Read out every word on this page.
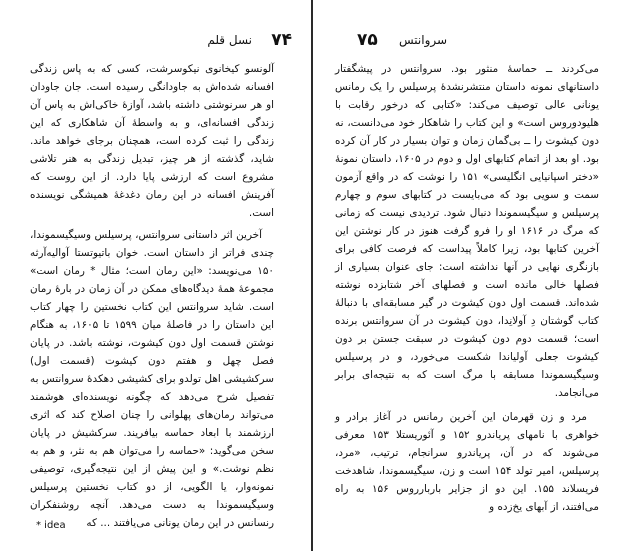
نسل قلم ۷۴

آلونسو کیخانوی نیکوسرشت، کسی که به پاس زندگی افسانه شده‌اش به جاودانگی رسیده است. جان جاودان او هر سرنوشتی داشته باشد، آوازهٔ خاکی‌اش به پاس آن زندگی افسانه‌ای، و به واسطهٔ آن شاهکاری که این زندگی را ثبت کرده است، همچنان برجای خواهد ماند. شاید، گذشته از هر چیز، تبدیل زندگی به هنر تلاشی مشروع است که ارزشی پایا دارد. از این روست که آفرینش افسانه در این رمان دغدغهٔ همیشگی نویسنده است.

آخرین اثر داستانی سروانتس، پرسیلس وسیگیسموندا، چندی فراتر از داستان است. خوان باتیوتستا آوالیه‌آرثه ۱۵۰ می‌نویسد: «این رمان است؛ مثال * رمان است» مجموعهٔ همهٔ دیدگاه‌های ممکن در آن زمان در بارهٔ رمان است. شاید سروانتس این کتاب نخستین را چهار کتاب این داستان را در فاصلهٔ میان ۱۵۹۹ تا ۱۶۰۵، به هنگام نوشتن قسمت اول دون کیشوت، نوشته باشد. در پایان فصل چهل و هفتم دون کیشوت (قسمت اول) سرکشیشی اهل تولدو برای کشیشی دهکدهٔ سروانتس به تفصیل شرح می‌دهد که چگونه نویسنده‌ای هوشمند می‌تواند رمان‌های پهلوانی را چنان اصلاح کند که اثری ارزشمند با ابعاد حماسه بیافریند. سرکشیش در پایان سخن می‌گوید: «حماسه را می‌توان هم به نثر، و هم به نظم نوشت.» و این پیش از این نتیجه‌گیری، توصیفی نمونه‌وار، یا الگویی، از دو کتاب نخستین پرسیلس وسیگیسموندا به دست می‌دهد. آنچه روشنفکران رنسانس در این رمان یونانی می‌یافتند ... که

* idea
۷۵ سروانتس

می‌کردند ــ حماسهٔ منثور بود. سروانتس در پیشگفتار داستانهای نمونه داستان منتشرنشدهٔ پرسیلس را یک رمانس یونانی عالی توصیف می‌کند: «کتابی که درخور رقابت با هلیودوروس است» و این کتاب را شاهکار خود می‌دانست، نه دون کیشوت را ــ بی‌گمان زمان و توان بسیار در کار آن کرده بود. او بعد از اتمام کتابهای اول و دوم در ۱۶۰۵، داستان نمونهٔ «دختر اسپانیایی انگلیسی» ۱۵۱ را نوشت که در واقع آزمون سمت و سویی بود که می‌بایست در کتابهای سوم و چهارم پرسیلس و سیگیسموندا دنبال شود. تردیدی نیست که زمانی که مرگ در ۱۶۱۶ او را فرو گرفت هنوز در کار نوشتن این آخرین کتابها بود، زیرا کاملاً پیداست که فرصت کافی برای بازنگری نهایی در آنها نداشته است: جای عنوان بسیاری از فصلها خالی مانده است و فصلهای آخر شتابزده نوشته شده‌اند. قسمت اول دون کیشوت در گیر مسابقه‌ای با دنبالهٔ کتاب گوشتان دِ آولانِدا، دون کیشوت در آن سروانتس برنده است؛ قسمت دوم دون کیشوت در سبقت جستن بر دون کیشوت جعلی آولیاندا شکست می‌خورد، و در پرسیلس وسیگیسموندا مسابقه با مرگ است که به نتیجه‌ای برابر می‌انجامد.

مرد و زن قهرمان این آخرین رمانس در آغاز برادر و خواهری با نامهای پریاندرو ۱۵۲ و آئوریستلا ۱۵۳ معرفی می‌شوند که در آن، پریاندرو سرانجام، ترتیب، «مرد، پرسیلس، امیر تولد ۱۵۴ است و زن، سیگیسموندا، شاهدخت فریسلاند ۱۵۵. این دو از جزایر باربارروس ۱۵۶ به راه می‌افتند، از آبهای یخ‌زده و
